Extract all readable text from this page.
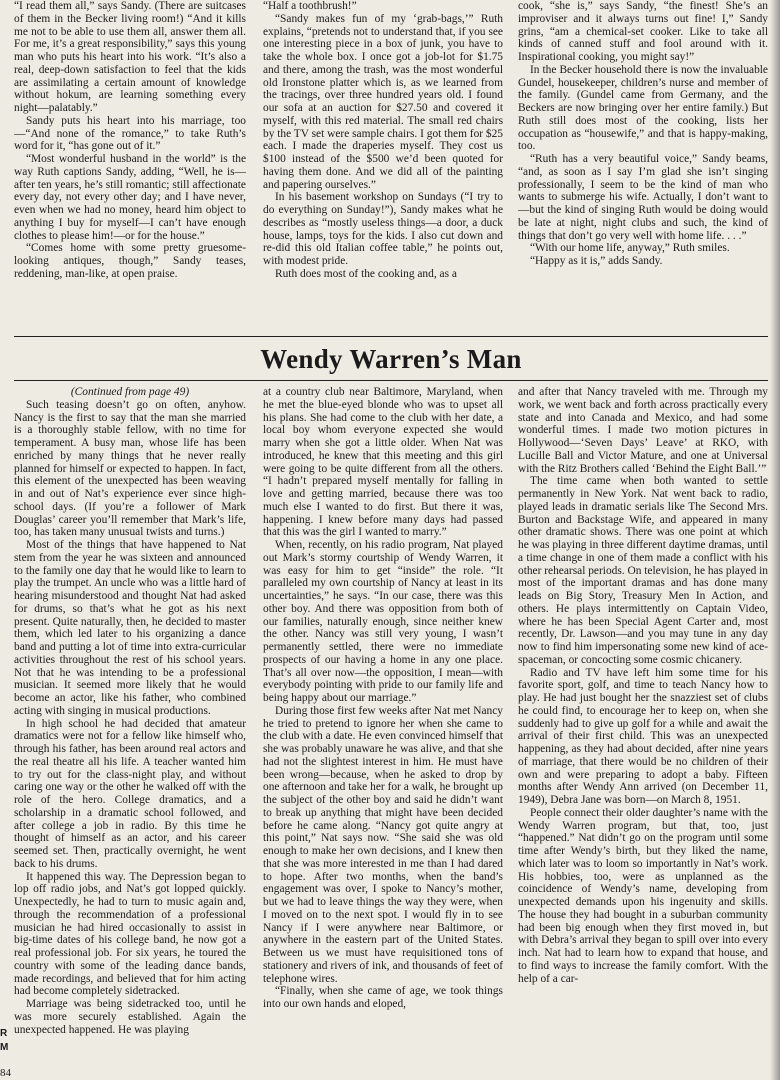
“I read them all,” says Sandy. (There are suitcases of them in the Becker living room!) “And it kills me not to be able to use them all, answer them all. For me, it’s a great responsibility,” says this young man who puts his heart into his work. “It’s also a real, deep-down satisfaction to feel that the kids are assimilating a certain amount of knowledge without hokum, are learning something every night—palatably.”

Sandy puts his heart into his marriage, too—“And none of the romance,” to take Ruth’s word for it, “has gone out of it.”

“Most wonderful husband in the world” is the way Ruth captions Sandy, adding, “Well, he is—after ten years, he’s still romantic; still affectionate every day, not every other day; and I have never, even when we had no money, heard him object to anything I buy for myself—I can’t have enough clothes to please him!—or for the house.”

“Comes home with some pretty gruesome-looking antiques, though,” Sandy teases, reddening, man-like, at open praise.

“Half a toothbrush!”

“Sandy makes fun of my ‘grab-bags,’” Ruth explains, “pretends not to understand that, if you see one interesting piece in a box of junk, you have to take the whole box. I once got a job-lot for $1.75 and there, among the trash, was the most wonderful old Ironstone platter which is, as we learned from the tracings, over three hundred years old. I found our sofa at an auction for $27.50 and covered it myself, with this red material. The small red chairs by the TV set were sample chairs. I got them for $25 each. I made the draperies myself. They cost us $100 instead of the $500 we’d been quoted for having them done. And we did all of the painting and papering ourselves.”

In his basement workshop on Sundays (“I try to do everything on Sunday!”), Sandy makes what he describes as “mostly useless things—a door, a duck house, lamps, toys for the kids. I also cut down and re-did this old Italian coffee table,” he points out, with modest pride.

Ruth does most of the cooking and, as a

cook, “she is,” says Sandy, “the finest! She’s an improviser and it always turns out fine! I,” Sandy grins, “am a chemical-set cooker. Like to take all kinds of canned stuff and fool around with it. Inspirational cooking, you might say!”

In the Becker household there is now the invaluable Gundel, housekeeper, children’s nurse and member of the family. (Gundel came from Germany, and the Beckers are now bringing over her entire family.) But Ruth still does most of the cooking, lists her occupation as “housewife,” and that is happy-making, too.

“Ruth has a very beautiful voice,” Sandy beams, “and, as soon as I say I’m glad she isn’t singing professionally, I seem to be the kind of man who wants to submerge his wife. Actually, I don’t want to—but the kind of singing Ruth would be doing would be late at night, night clubs and such, the kind of things that don’t go very well with home life. . . .”

“With our home life, anyway,” Ruth smiles.

“Happy as it is,” adds Sandy.

Wendy Warren’s Man

(Continued from page 49)

Such teasing doesn’t go on often, anyhow. Nancy is the first to say that the man she married is a thoroughly stable fellow, with no time for temperament. A busy man, whose life has been enriched by many things that he never really planned for himself or expected to happen. In fact, this element of the unexpected has been weaving in and out of Nat’s experience ever since high-school days. (If you’re a follower of Mark Douglas’ career you’ll remember that Mark’s life, too, has taken many unusual twists and turns.)

Most of the things that have happened to Nat stem from the year he was sixteen and announced to the family one day that he would like to learn to play the trumpet. An uncle who was a little hard of hearing misunderstood and thought Nat had asked for drums, so that’s what he got as his next present. Quite naturally, then, he decided to master them, which led later to his organizing a dance band and putting a lot of time into extra-curricular activities throughout the rest of his school years. Not that he was intending to be a professional musician. It seemed more likely that he would become an actor, like his father, who combined acting with singing in musical productions.

In high school he had decided that amateur dramatics were not for a fellow like himself who, through his father, has been around real actors and the real theatre all his life. A teacher wanted him to try out for the class-night play, and without caring one way or the other he walked off with the role of the hero. College dramatics, and a scholarship in a dramatic school followed, and after college a job in radio. By this time he thought of himself as an actor, and his career seemed set. Then, practically overnight, he went back to his drums.

It happened this way. The Depression began to lop off radio jobs, and Nat’s got lopped quickly. Unexpectedly, he had to turn to music again and, through the recommendation of a professional musician he had hired occasionally to assist in big-time dates of his college band, he now got a real professional job. For six years, he toured the country with some of the leading dance bands, made recordings, and believed that for him acting had become completely sidetracked.

Marriage was being sidetracked too, until he was more securely established. Again the unexpected happened. He was playing

at a country club near Baltimore, Maryland, when he met the blue-eyed blonde who was to upset all his plans. She had come to the club with her date, a local boy whom everyone expected she would marry when she got a little older. When Nat was introduced, he knew that this meeting and this girl were going to be quite different from all the others. “I hadn’t prepared myself mentally for falling in love and getting married, because there was too much else I wanted to do first. But there it was, happening. I knew before many days had passed that this was the girl I wanted to marry.”

When, recently, on his radio program, Nat played out Mark’s stormy courtship of Wendy Warren, it was easy for him to get “inside” the role. “It paralleled my own courtship of Nancy at least in its uncertainties,” he says. “In our case, there was this other boy. And there was opposition from both of our families, naturally enough, since neither knew the other. Nancy was still very young, I wasn’t permanently settled, there were no immediate prospects of our having a home in any one place. That’s all over now—the opposition, I mean—with everybody pointing with pride to our family life and being happy about our marriage.”

During those first few weeks after Nat met Nancy he tried to pretend to ignore her when she came to the club with a date. He even convinced himself that she was probably unaware he was alive, and that she had not the slightest interest in him. He must have been wrong—because, when he asked to drop by one afternoon and take her for a walk, he brought up the subject of the other boy and said he didn’t want to break up anything that might have been decided before he came along. “Nancy got quite angry at this point,” Nat says now. “She said she was old enough to make her own decisions, and I knew then that she was more interested in me than I had dared to hope. After two months, when the band’s engagement was over, I spoke to Nancy’s mother, but we had to leave things the way they were, when I moved on to the next spot. I would fly in to see Nancy if I were anywhere near Baltimore, or anywhere in the eastern part of the United States. Between us we must have requisitioned tons of stationery and rivers of ink, and thousands of feet of telephone wires.

“Finally, when she came of age, we took things into our own hands and eloped,

and after that Nancy traveled with me. Through my work, we went back and forth across practically every state and into Canada and Mexico, and had some wonderful times. I made two motion pictures in Hollywood—‘Seven Days’ Leave’ at RKO, with Lucille Ball and Victor Mature, and one at Universal with the Ritz Brothers called ‘Behind the Eight Ball.’”

The time came when both wanted to settle permanently in New York. Nat went back to radio, played leads in dramatic serials like The Second Mrs. Burton and Backstage Wife, and appeared in many other dramatic shows. There was one point at which he was playing in three different daytime dramas, until a time change in one of them made a conflict with his other rehearsal periods. On television, he has played in most of the important dramas and has done many leads on Big Story, Treasury Men In Action, and others. He plays intermittently on Captain Video, where he has been Special Agent Carter and, most recently, Dr. Lawson—and you may tune in any day now to find him impersonating some new kind of ace-spaceman, or concocting some cosmic chicanery.

Radio and TV have left him some time for his favorite sport, golf, and time to teach Nancy how to play. He had just bought her the snazziest set of clubs he could find, to encourage her to keep on, when she suddenly had to give up golf for a while and await the arrival of their first child. This was an unexpected happening, as they had about decided, after nine years of marriage, that there would be no children of their own and were preparing to adopt a baby. Fifteen months after Wendy Ann arrived (on December 11, 1949), Debra Jane was born—on March 8, 1951.

People connect their older daughter’s name with the Wendy Warren program, but that, too, just “happened.” Nat didn’t go on the program until some time after Wendy’s birth, but they liked the name, which later was to loom so importantly in Nat’s work. His hobbies, too, were as unplanned as the coincidence of Wendy’s name, developing from unexpected demands upon his ingenuity and skills. The house they had bought in a suburban community had been big enough when they first moved in, but with Debra’s arrival they began to spill over into every inch. Nat had to learn how to expand that house, and to find ways to increase the family comfort. With the help of a car-

R
M
84
